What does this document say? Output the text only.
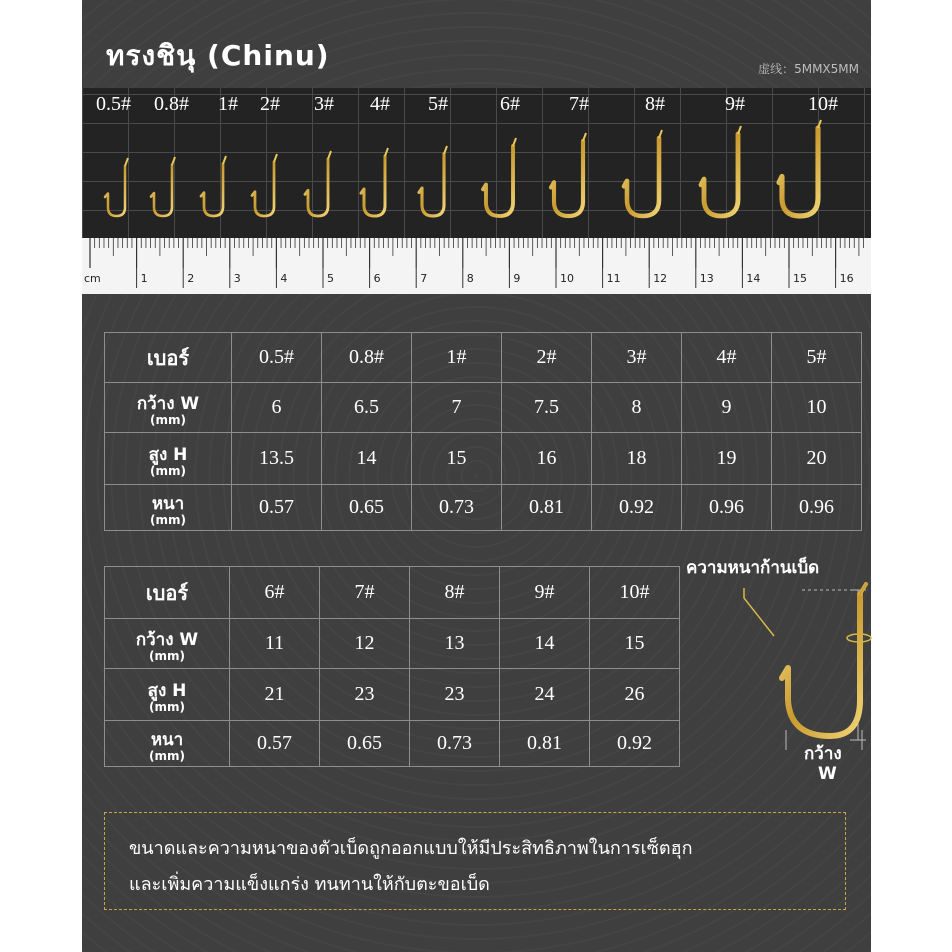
ทรงชินุ (Chinu)	虚线：5MMX5MM
0.5# 0.8# 1# 2# 3# 4# 5#	6# 7#	8#	9#	10#
1	2	3	4	5	6	7	8	9	10	11	12	13	14	15	16
cm
เบอร์	0.5#	0.8#	1#	2#	3#	4#	5#
กว้าง W
(mm)	6	6.5	7	7.5	8	9	10
สูง H
(mm)	13.5	14	15	16	18	19	20
หนา
(mm)	0.57	0.65	0.73	0.81	0.92	0.96	0.96
เบอร์	6#	7#	8#	9#	10#
กว้าง W
(mm)	11	12	13	14	15
สูง H
(mm)	21	23	23	24	26
หนา
(mm)	0.57	0.65	0.73	0.81	0.92
ความหนาก้านเบ็ด
สูง
H
กว้าง
W
ขนาดและความหนาของตัวเบ็ดถูกออกแบบให้มีประสิทธิภาพในการเซ็ตฮุก
และเพิ่มความแข็งแกร่ง ทนทานให้กับตะขอเบ็ด
